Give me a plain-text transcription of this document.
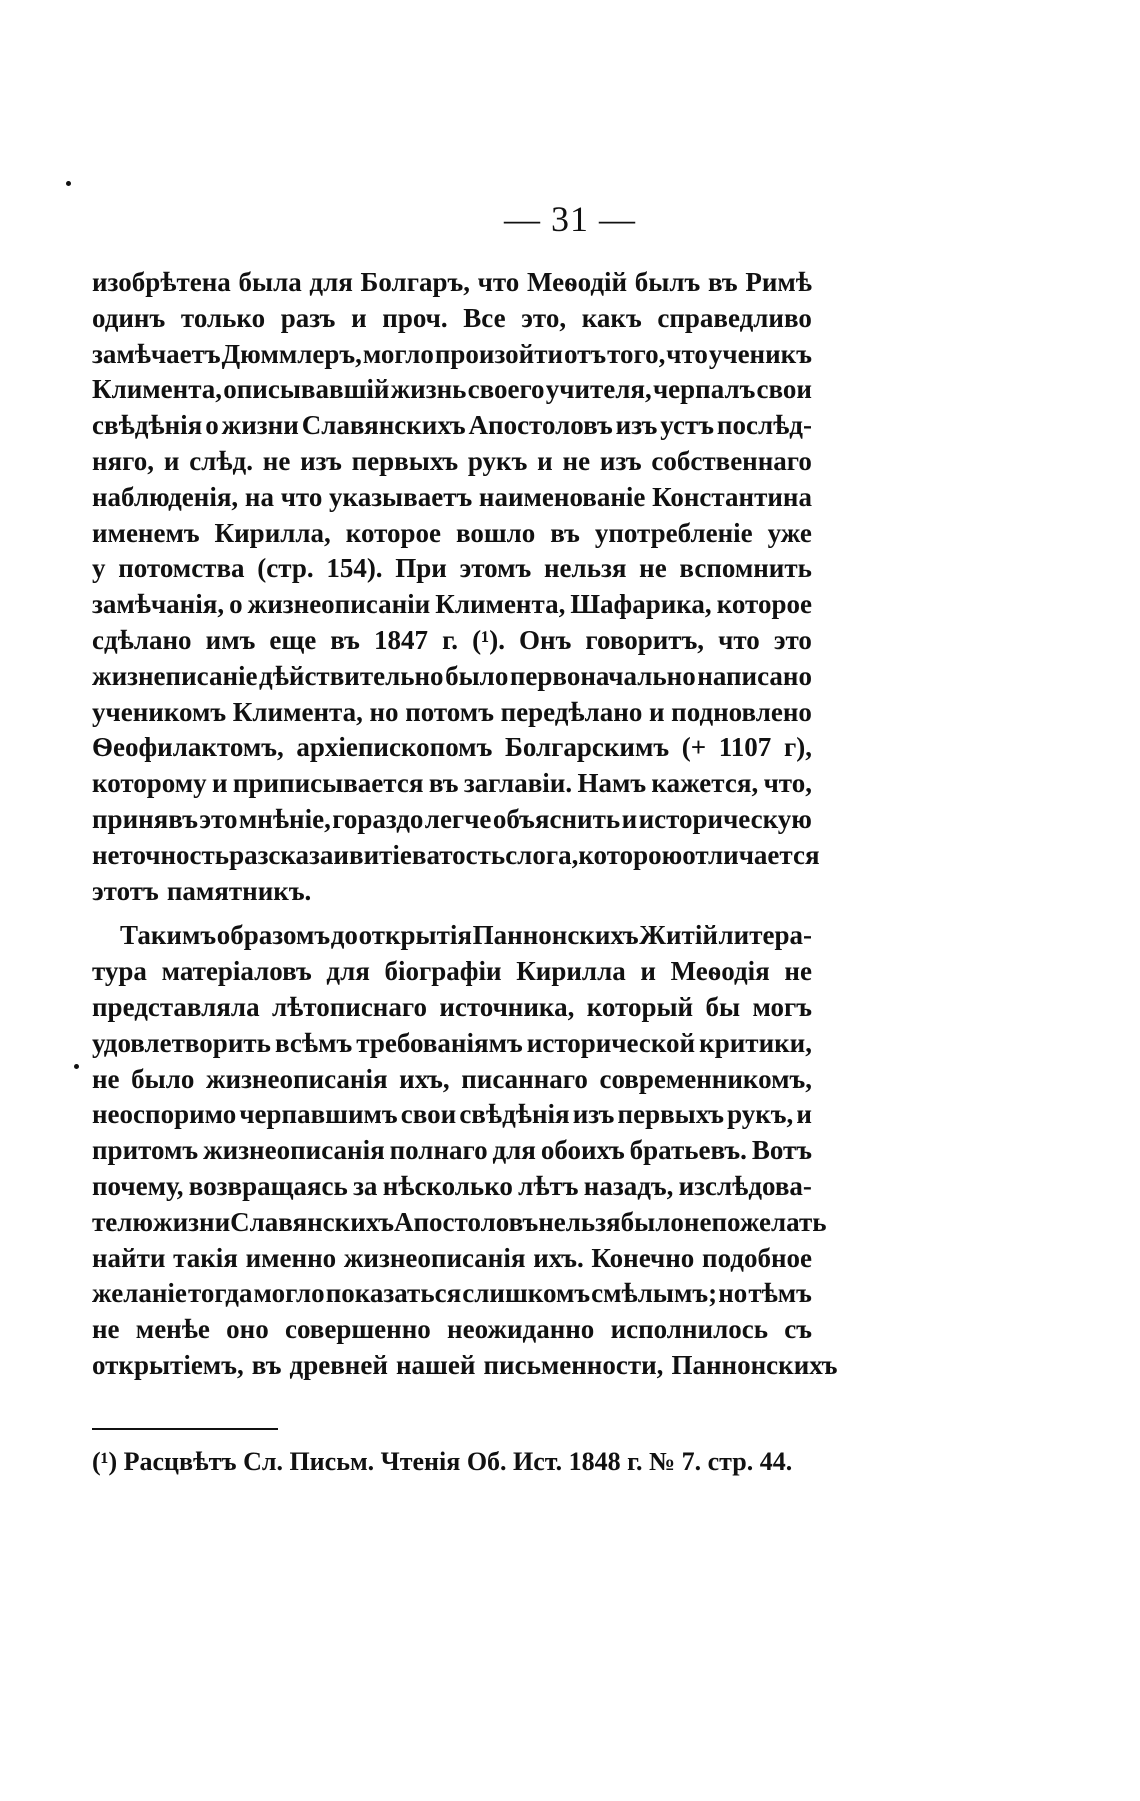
— 31 —
изобрѣтена была для Болгаръ, что Меѳодій былъ въ Римѣ
одинъ только разъ и проч. Все это, какъ справедливо
замѣчаетъ Дюммлеръ, могло произойти отъ того, что ученикъ
Климента, описывавшій жизнь своего учителя, черпалъ свои
свѣдѣнія о жизни Славянскихъ Апостоловъ изъ устъ послѣд-
няго, и слѣд. не изъ первыхъ рукъ и не изъ собственнаго
наблюденія, на что указываетъ наименованіе Константина
именемъ Кирилла, которое вошло въ употребленіе уже
у потомства (стр. 154). При этомъ нельзя не вспомнить
замѣчанія, о жизнеописаніи Климента, Шафарика, которое
сдѣлано имъ еще въ 1847 г. (¹). Онъ говоритъ, что это
жизнеписаніе дѣйствительно было первоначально написано
ученикомъ Климента, но потомъ передѣлано и подновлено
Ѳеофилактомъ, архіепископомъ Болгарскимъ (+ 1107 г),
которому и приписывается въ заглавіи. Намъ кажется, что,
принявъ это мнѣніе, гораздо легче объяснить и историческую
неточность разсказа и витіеватость слога, которою отличается
этотъ памятникъ.
Такимъ образомъ до открытія Паннонскихъ Житій литера-
тура матеріаловъ для біографіи Кирилла и Меѳодія не
представляла лѣтописнаго источника, который бы могъ
удовлетворить всѣмъ требованіямъ исторической критики,
не было жизнеописанія ихъ, писаннаго современникомъ,
неоспоримо черпавшимъ свои свѣдѣнія изъ первыхъ рукъ, и
притомъ жизнеописанія полнаго для обоихъ братьевъ. Вотъ
почему, возвращаясь за нѣсколько лѣтъ назадъ, изслѣдова-
телю жизни Славянскихъ Апостоловъ нельзя было не пожелать
найти такія именно жизнеописанія ихъ. Конечно подобное
желаніе тогда могло показаться слишкомъ смѣлымъ; но тѣмъ
не менѣе оно совершенно неожиданно исполнилось съ
открытіемъ, въ древней нашей письменности, Паннонскихъ
(¹) Расцвѣтъ Сл. Письм. Чтенія Об. Ист. 1848 г. № 7. стр. 44.
